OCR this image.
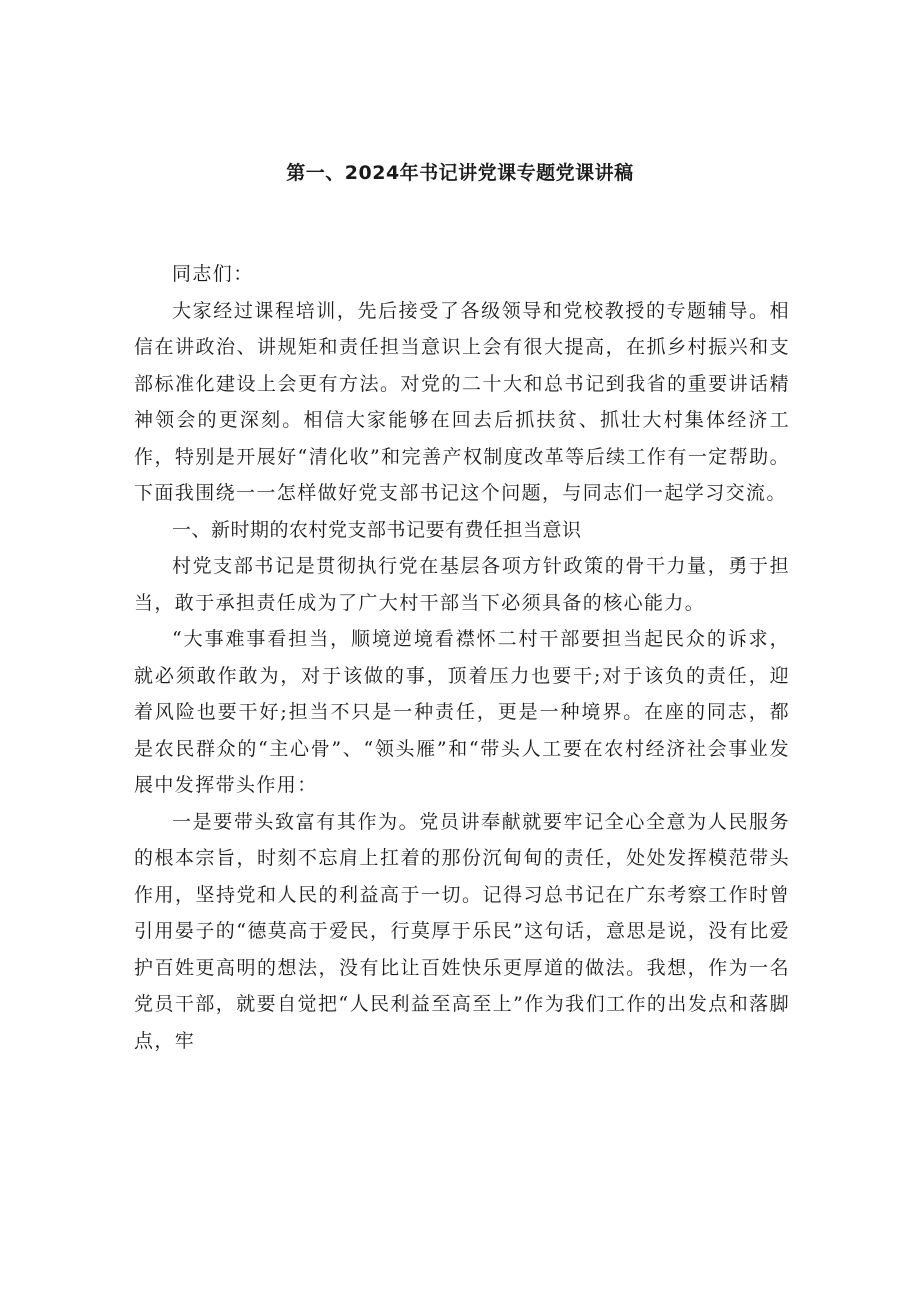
第一、2024年书记讲党课专题党课讲稿

同志们：

大家经过课程培训，先后接受了各级领导和党校教授的专题辅导。相信在讲政治、讲规矩和责任担当意识上会有很大提高，在抓乡村振兴和支部标准化建设上会更有方法。对党的二十大和总书记到我省的重要讲话精神领会的更深刻。相信大家能够在回去后抓扶贫、抓壮大村集体经济工作，特别是开展好“清化收”和完善产权制度改革等后续工作有一定帮助。下面我围绕一一怎样做好党支部书记这个问题，与同志们一起学习交流。

一、新时期的农村党支部书记要有费任担当意识

村党支部书记是贯彻执行党在基层各项方针政策的骨干力量，勇于担当，敢于承担责任成为了广大村干部当下必须具备的核心能力。

“大事难事看担当，顺境逆境看襟怀二村干部要担当起民众的诉求，就必须敢作敢为，对于该做的事，顶着压力也要干;对于该负的责任，迎着风险也要干好;担当不只是一种责任，更是一种境界。在座的同志，都是农民群众的“主心骨”、“领头雁”和“带头人工要在农村经济社会事业发展中发挥带头作用：

一是要带头致富有其作为。党员讲奉献就要牢记全心全意为人民服务的根本宗旨，时刻不忘肩上扛着的那份沉甸甸的责任，处处发挥模范带头作用，坚持党和人民的利益高于一切。记得习总书记在广东考察工作时曾引用晏子的“德莫高于爱民，行莫厚于乐民”这句话，意思是说，没有比爱护百姓更高明的想法，没有比让百姓快乐更厚道的做法。我想，作为一名党员干部，就要自觉把“人民利益至高至上”作为我们工作的出发点和落脚点，牢
